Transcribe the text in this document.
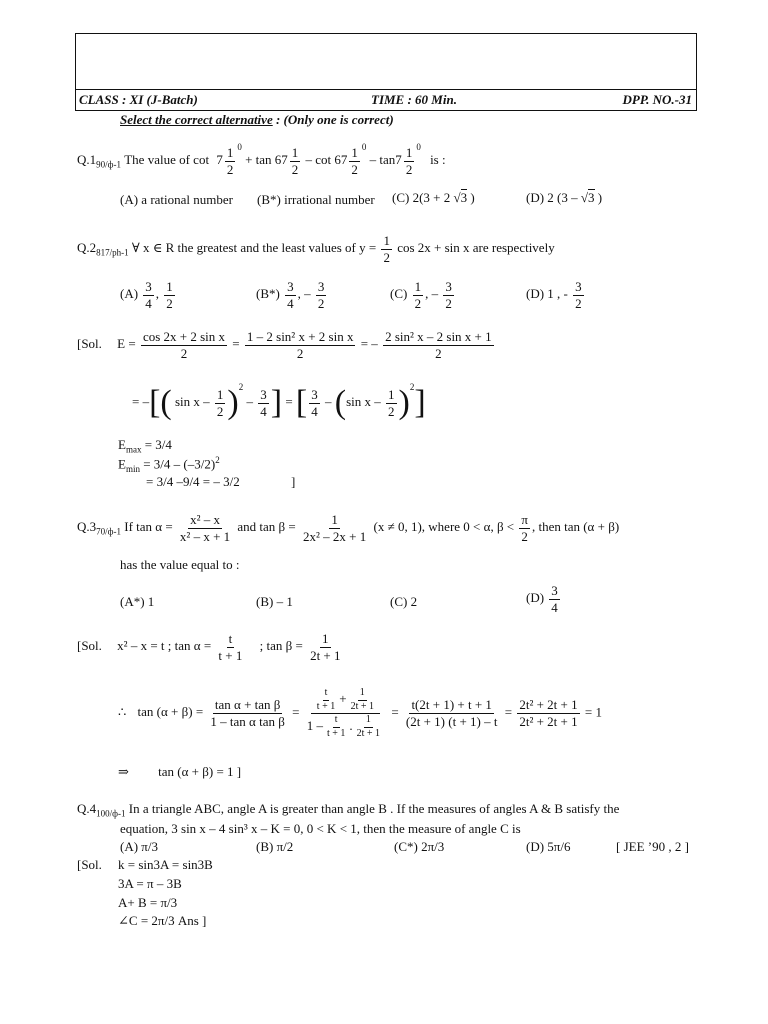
CLASS : XI (J-Batch)	TIME : 60 Min.	DPP. NO.-31
Select the correct alternative : (Only one is correct)
$Q.1_{90/ф-1}$ The value of $\cot 7 \frac{1}{2} ^0 + \tan 67 \frac{1}{2} - \cot 67 \frac{1}{2} ^0 - \tan 7 \frac{1}{2} ^0$ is :
(A) a rational number (B*) irrational number (C) 2(3 + 2 √3 )	(D) 2 (3 – √3 )
$Q.2_{817/ph-1}$ ∀ x ∈ R the greatest and the least values of $y = \frac{1}{2}$ cos 2x + sin x are respectively
$(A) \frac{3}{4}$ , $\frac{1}{2}$	$(B*) \frac{3}{4}$ , – $\frac{3}{2}$	$(C) \frac{1}{2}$ , – $\frac{3}{2}$	(D) 1 , - $\frac{3}{2}$
[Sol. $E = \frac{\text{cos 2x + 2 sin x}}{2} = \frac{\text{1 – 2 sin² x + 2 sin x}}{2}$ = – $\frac{\text{2 sin² x – 2 sin x + 1}}{2}$
= –[( sin x – $\frac{1}{2} )^2 - \frac{3}{4}$ ] = [ $\frac{3}{4} - (\sin$ x – $\frac{1}{2} )^2$]
$E_{max} = 3/4$
$E_{min} = 3/4 - (-3/2)^2$
= 3/4 –9/4 = – 3/2	]
$Q.3_{70/ф-1}$ If $\tan \alpha = \frac{\text{x² – x}}{\text{x² – x + 1}}$ and $\tan \beta = \frac{1}{\text{2x² – 2x + 1}} (x \ne 0$, 1), where 0 < α, $\beta < \frac{\pi}{2}$ , then tan (α + β)
has the value equal to :
(A*) 1	(B) – 1	(C) 2	$(D) \frac{3}{4}$
[Sol. x² – x = t ; $\tan \alpha = \frac{t}{t + 1}$ ; $\tan \beta = \frac{1}{2t + 1}$
∴ $\tan (\alpha + \beta) = \frac{\text{tan α + tan β}}{\text{1 – tan α tan β}} = \frac{\frac{t}{t + 1} + \frac{1}{2t + 1}}{1 - \frac{t}{t + 1} . \frac{1}{2t + 1}} = \frac{t(2t + 1) + t + 1}{(2t + 1) (t + 1) - t} = \frac{\text{2t² + 2t + 1}}{\text{2t² + 2t + 1}} = 1$
⇒ tan (α + β) = 1 ]
$Q.4_{100/ф-1}$ In a triangle ABC, angle A is greater than angle B . If the measures of angles A & B satisfy the
equation, 3 sin x – 4 sin³ x – K = 0, 0 < K < 1, then the measure of angle C is
(A) π/3	(B) π/2	(C*) 2π/3	(D) 5π/6	[ JEE ’90 , 2 ]
[Sol. k = sin3A = sin3B
3A = π – 3B
A+ B = π/3
∠C = 2π/3 Ans ]
